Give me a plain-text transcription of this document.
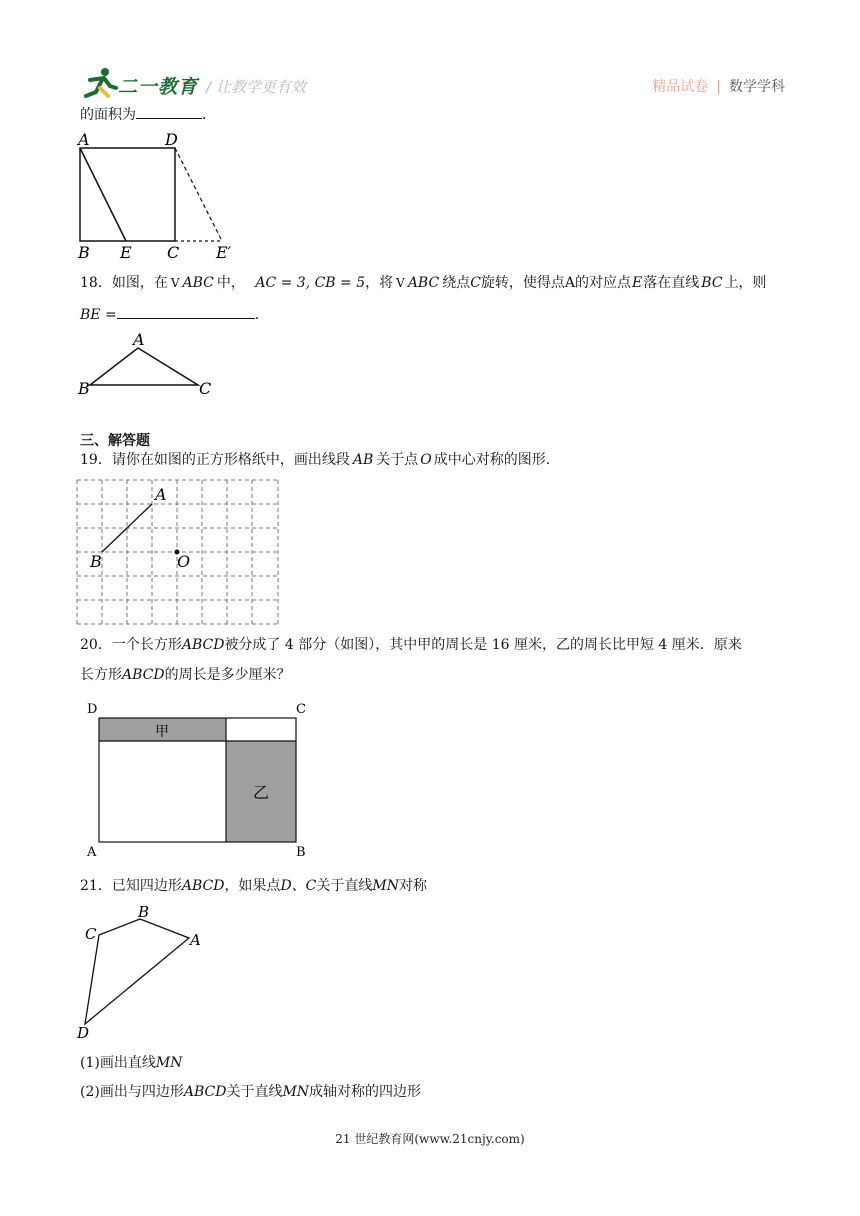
二一教育 / 让教学更有效	精品试卷 | 数学学科
的面积为	.
A	D
B E C E′
18．如图，在 V ABC 中， AC = 3, CB = 5，将 V ABC 绕点C旋转，使得点A的对应点E落在直线 BC 上，则
BE =	.
A
B	C
三、解答题
19．请你在如图的正方形格纸中，画出线段 AB 关于点 O 成中心对称的图形.
A
B	O
20．一个长方形ABCD被分成了 4 部分（如图），其中甲的周长是 16 厘米，乙的周长比甲短 4 厘米．原来
长方形ABCD的周长是多少厘米？
D	C
A	B
甲
乙
21．已知四边形ABCD，如果点D、C关于直线MN对称
B
C	A
D
(1)画出直线MN
(2)画出与四边形ABCD关于直线MN成轴对称的四边形
21 世纪教育网(www.21cnjy.com)
